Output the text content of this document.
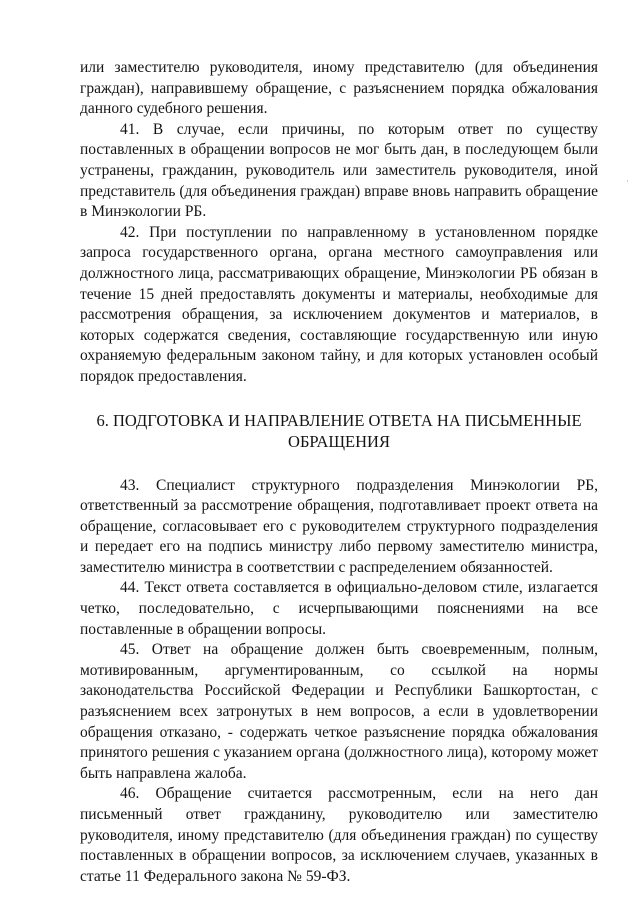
или заместителю руководителя, иному представителю (для объединения граждан), направившему обращение, с разъяснением порядка обжалования данного судебного решения.

41. В случае, если причины, по которым ответ по существу поставленных в обращении вопросов не мог быть дан, в последующем были устранены, гражданин, руководитель или заместитель руководителя, иной представитель (для объединения граждан) вправе вновь направить обращение в Минэкологии РБ.

42. При поступлении по направленному в установленном порядке запроса государственного органа, органа местного самоуправления или должностного лица, рассматривающих обращение, Минэкологии РБ обязан в течение 15 дней предоставлять документы и материалы, необходимые для рассмотрения обращения, за исключением документов и материалов, в которых содержатся сведения, составляющие государственную или иную охраняемую федеральным законом тайну, и для которых установлен особый порядок предоставления.

6. ПОДГОТОВКА И НАПРАВЛЕНИЕ ОТВЕТА НА ПИСЬМЕННЫЕ ОБРАЩЕНИЯ

43. Специалист структурного подразделения Минэкологии РБ, ответственный за рассмотрение обращения, подготавливает проект ответа на обращение, согласовывает его с руководителем структурного подразделения и передает его на подпись министру либо первому заместителю министра, заместителю министра в соответствии с распределением обязанностей.

44. Текст ответа составляется в официально-деловом стиле, излагается четко, последовательно, с исчерпывающими пояснениями на все поставленные в обращении вопросы.

45. Ответ на обращение должен быть своевременным, полным, мотивированным, аргументированным, со ссылкой на нормы законодательства Российской Федерации и Республики Башкортостан, с разъяснением всех затронутых в нем вопросов, а если в удовлетворении обращения отказано, - содержать четкое разъяснение порядка обжалования принятого решения с указанием органа (должностного лица), которому может быть направлена жалоба.

46. Обращение считается рассмотренным, если на него дан письменный ответ гражданину, руководителю или заместителю руководителя, иному представителю (для объединения граждан) по существу поставленных в обращении вопросов, за исключением случаев, указанных в статье 11 Федерального закона № 59-ФЗ.

·
